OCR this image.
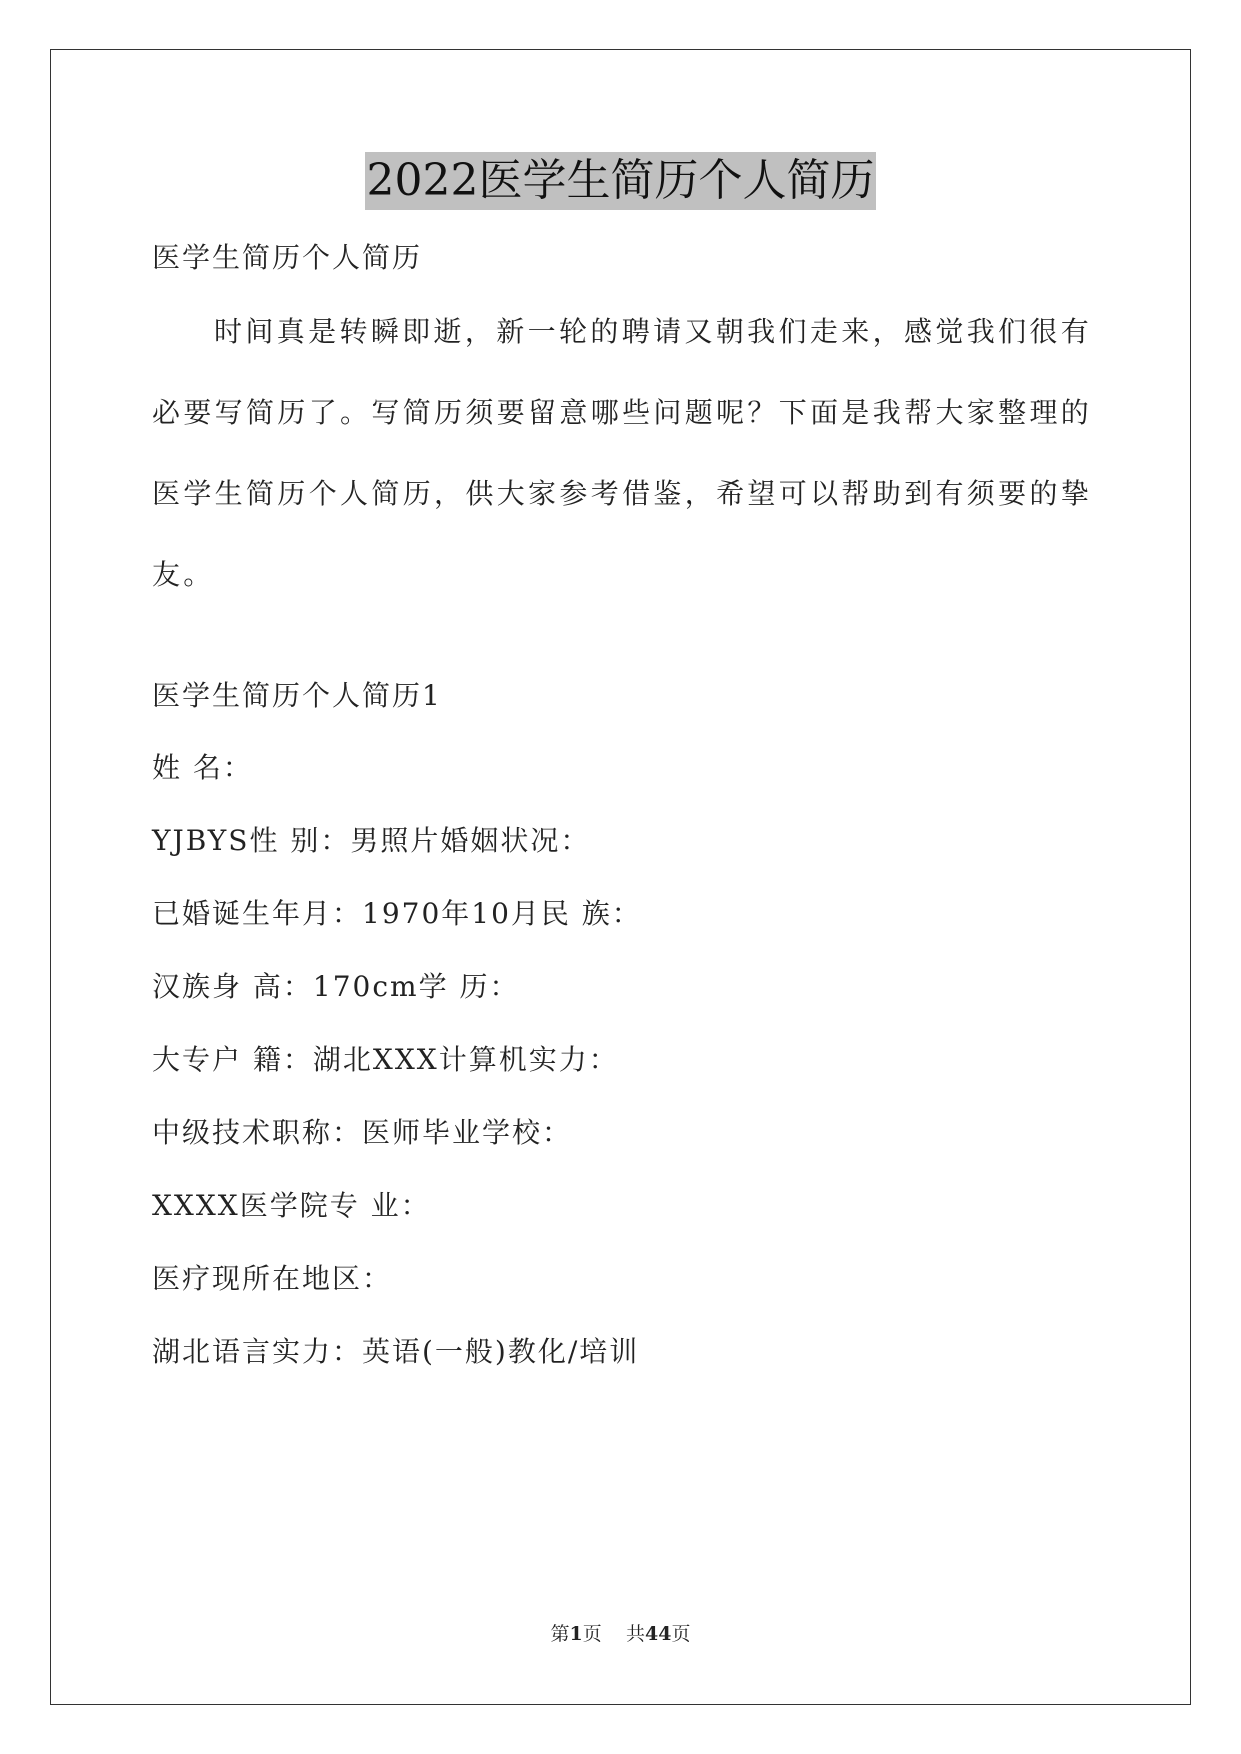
2022医学生简历个人简历
医学生简历个人简历

时间真是转瞬即逝，新一轮的聘请又朝我们走来，感觉我们很有必要写简历了。写简历须要留意哪些问题呢？下面是我帮大家整理的医学生简历个人简历，供大家参考借鉴，希望可以帮助到有须要的挚友。

医学生简历个人简历1
姓 名：
YJBYS性 别：男照片婚姻状况：
已婚诞生年月：1970年10月民 族：
汉族身 高：170cm学 历：
大专户 籍：湖北XXX计算机实力：
中级技术职称：医师毕业学校：
XXXX医学院专 业：
医疗现所在地区：
湖北语言实力：英语(一般)教化/培训
第1页 共44页
